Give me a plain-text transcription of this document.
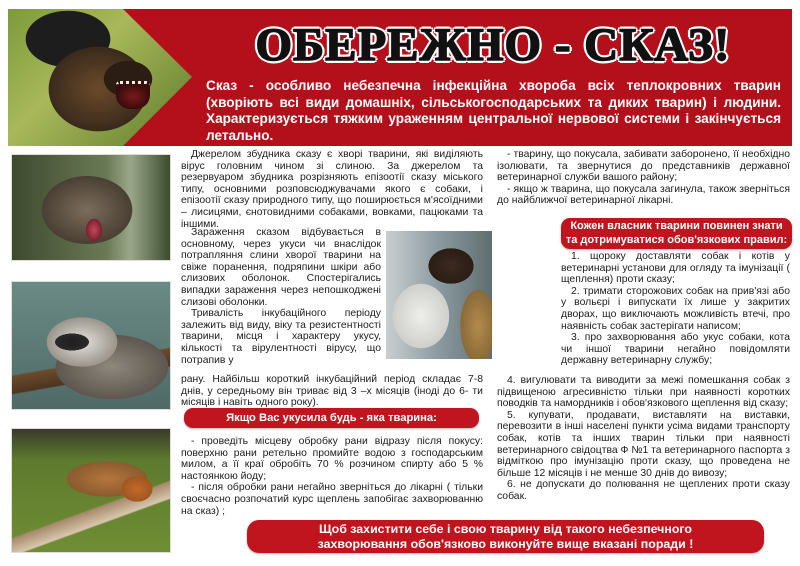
ОБЕРЕЖНО - СКАЗ!
Сказ - особливо небезпечна інфекційна хвороба всіх теплокровних тварин (хворіють всі види домашніх, сільськогосподарських та диких тварин) і людини. Характеризується тяжким ураженням центральної нервової системи і закінчується летально.

Джерелом збудника сказу є хворі тварини, які виділяють вірус головним чином зі слиною. За джерелом та резервуаром збудника розрізняють епізоотії сказу міського типу, основними розповсюджувачами якого є собаки, і епізоотії сказу природного типу, що поширюється м'ясоїдними – лисицями, єнотовидними собаками, вовками, пацюками та іншими.

Зараження сказом відбувається в основному, через укуси чи внаслідок потрапляння слини хворої тварини на свіже поранення, подряпини шкіри або слизових оболонок. Спостерігались випадки зараження через непошкоджені слизові оболонки.

Тривалість інкубаційного періоду залежить від виду, віку та резистентності тварини, місця і характеру укусу, кількості та вірулентності вірусу, що потрапив у

рану. Найбільш короткий інкубаційний період складає 7-8 днів, у середньому він триває від 3 –х місяців (іноді до 6- ти місяців і навіть одного року).

Якщо Вас укусила будь - яка тварина:

- проведіть місцеву обробку рани відразу після покусу: поверхню рани ретельно промийте водою з господарським милом, а її краї обробіть 70 % розчином спирту або 5 % настоянкою йоду;

- після обробки рани негайно зверніться до лікарні ( тільки своєчасно розпочатий курс щеплень запобігає захворюванню на сказ) ;

- тварину, що покусала, забивати заборонено, її необхідно ізолювати, та звернутися до представників державної ветеринарної служби вашого району;

- якщо ж тварина, що покусала загинула, також зверніться до найближчої ветеринарної лікарні.

Кожен власник тварини повинен знати
та дотримуватися обов'язкових правил:

1. щороку доставляти собак і котів у ветеринарні установи для огляду та імунізації ( щеплення) проти сказу;

2. тримати сторожових собак на прив'язі або у вольєрі і випускати їх лише у закритих дворах, що виключають можливість втечі, про наявність собак застерігати написом;

3. про захворювання або укус собаки, кота чи іншої тварини негайно повідомляти державну ветеринарну службу;

4. вигулювати та виводити за межі помешкання собак з підвищеною агресивністю тільки при наявності коротких поводків та намордників і обов'язкового щеплення від сказу;

5. купувати, продавати, виставляти на виставки, перевозити в інші населені пункти усіма видами транспорту собак, котів та інших тварин тільки при наявності ветеринарного свідоцтва Ф №1 та ветеринарного паспорта з відміткою про імунізацію проти сказу, що проведена не більше 12 місяців і не менше 30 днів до вивозу;

6. не допускати до полювання не щеплених проти сказу собак.

Щоб захистити себе і свою тварину від такого небезпечного
захворювання обов'язково виконуйте вище вказані поради !
